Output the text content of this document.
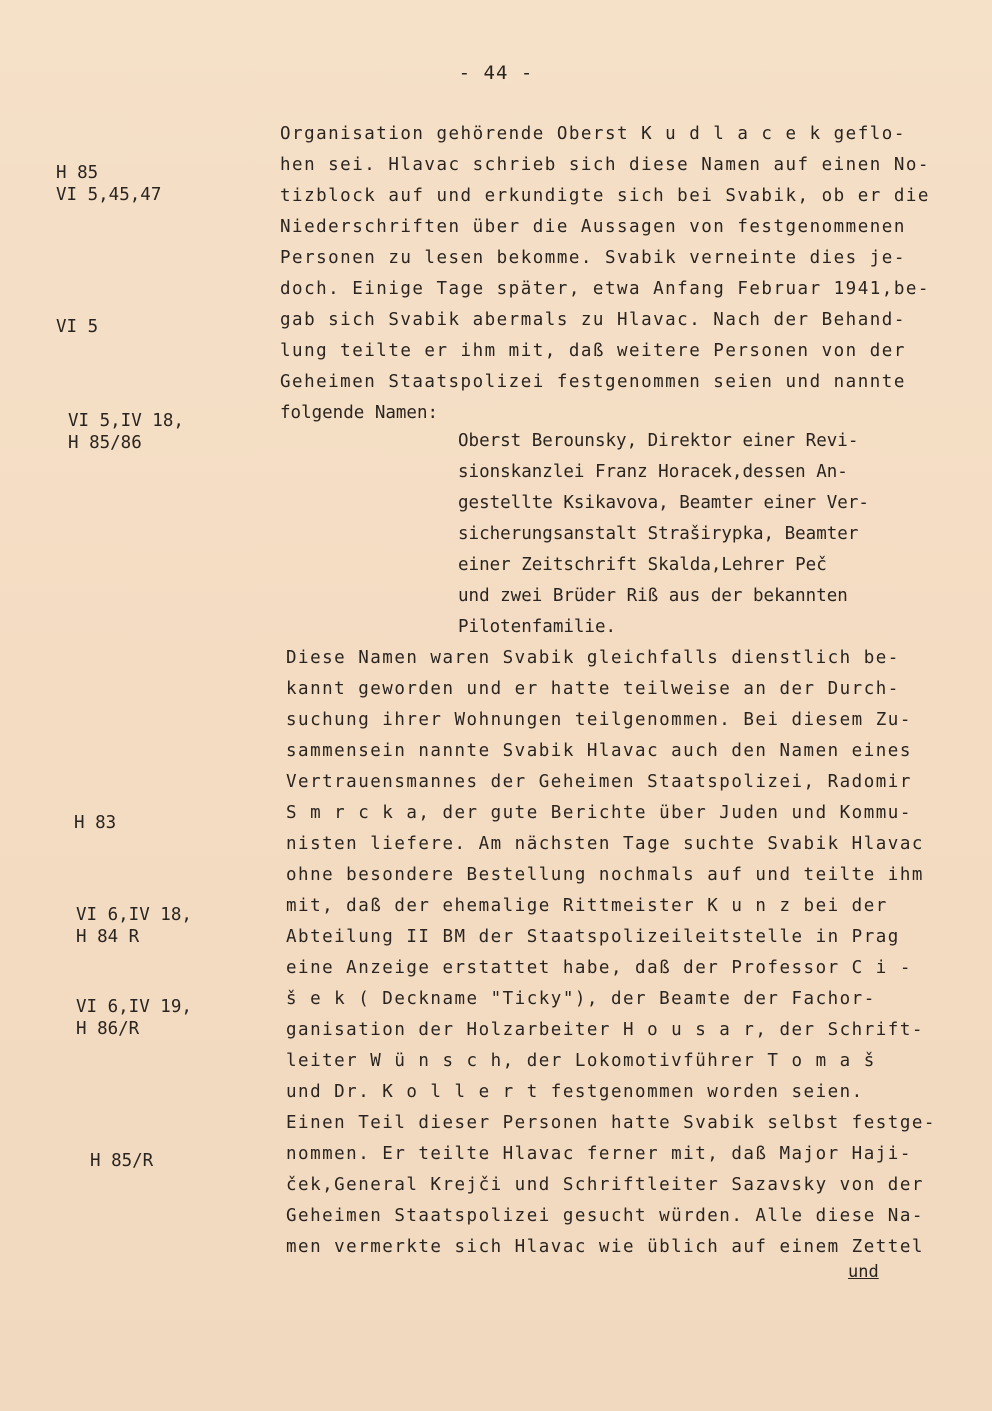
- 44 -
H 85
VI 5,45,47
VI 5
VI 5,IV 18,
H 85/86
H 83
VI 6,IV 18,
H 84 R
VI 6,IV 19,
H 86/R
H 85/R
Organisation gehörende Oberst K u d l a c e k geflo-
hen sei. Hlavac schrieb sich diese Namen auf einen No-
tizblock auf und erkundigte sich bei Svabik, ob er die
Niederschriften über die Aussagen von festgenommenen
Personen zu lesen bekomme. Svabik verneinte dies je-
doch. Einige Tage später, etwa Anfang Februar 1941,be-
gab sich Svabik abermals zu Hlavac. Nach der Behand-
lung teilte er ihm mit, daß weitere Personen von der
Geheimen Staatspolizei festgenommen seien und nannte
folgende Namen:
Oberst Berounsky, Direktor einer Revi-
sionskanzlei Franz Horacek,dessen An-
gestellte Ksikavova, Beamter einer Ver-
sicherungsanstalt Straširypka, Beamter
einer Zeitschrift Skalda,Lehrer Peč
und zwei Brüder Riß aus der bekannten
Pilotenfamilie.
Diese Namen waren Svabik gleichfalls dienstlich be-
kannt geworden und er hatte teilweise an der Durch-
suchung ihrer Wohnungen teilgenommen. Bei diesem Zu-
sammensein nannte Svabik Hlavac auch den Namen eines
Vertrauensmannes der Geheimen Staatspolizei, Radomir
S m r c k a, der gute Berichte über Juden und Kommu-
nisten liefere. Am nächsten Tage suchte Svabik Hlavac
ohne besondere Bestellung nochmals auf und teilte ihm
mit, daß der ehemalige Rittmeister K u n z bei der
Abteilung II BM der Staatspolizeileitstelle in Prag
eine Anzeige erstattet habe, daß der Professor C i -
š e k ( Deckname "Ticky"), der Beamte der Fachor-
ganisation der Holzarbeiter H o u s a r, der Schrift-
leiter W ü n s c h, der Lokomotivführer T o m a š
und Dr. K o l l e r t festgenommen worden seien.
Einen Teil dieser Personen hatte Svabik selbst festge-
nommen. Er teilte Hlavac ferner mit, daß Major Haji-
ček,General Krejči und Schriftleiter Sazavsky von der
Geheimen Staatspolizei gesucht würden. Alle diese Na-
men vermerkte sich Hlavac wie üblich auf einem Zettel
und
